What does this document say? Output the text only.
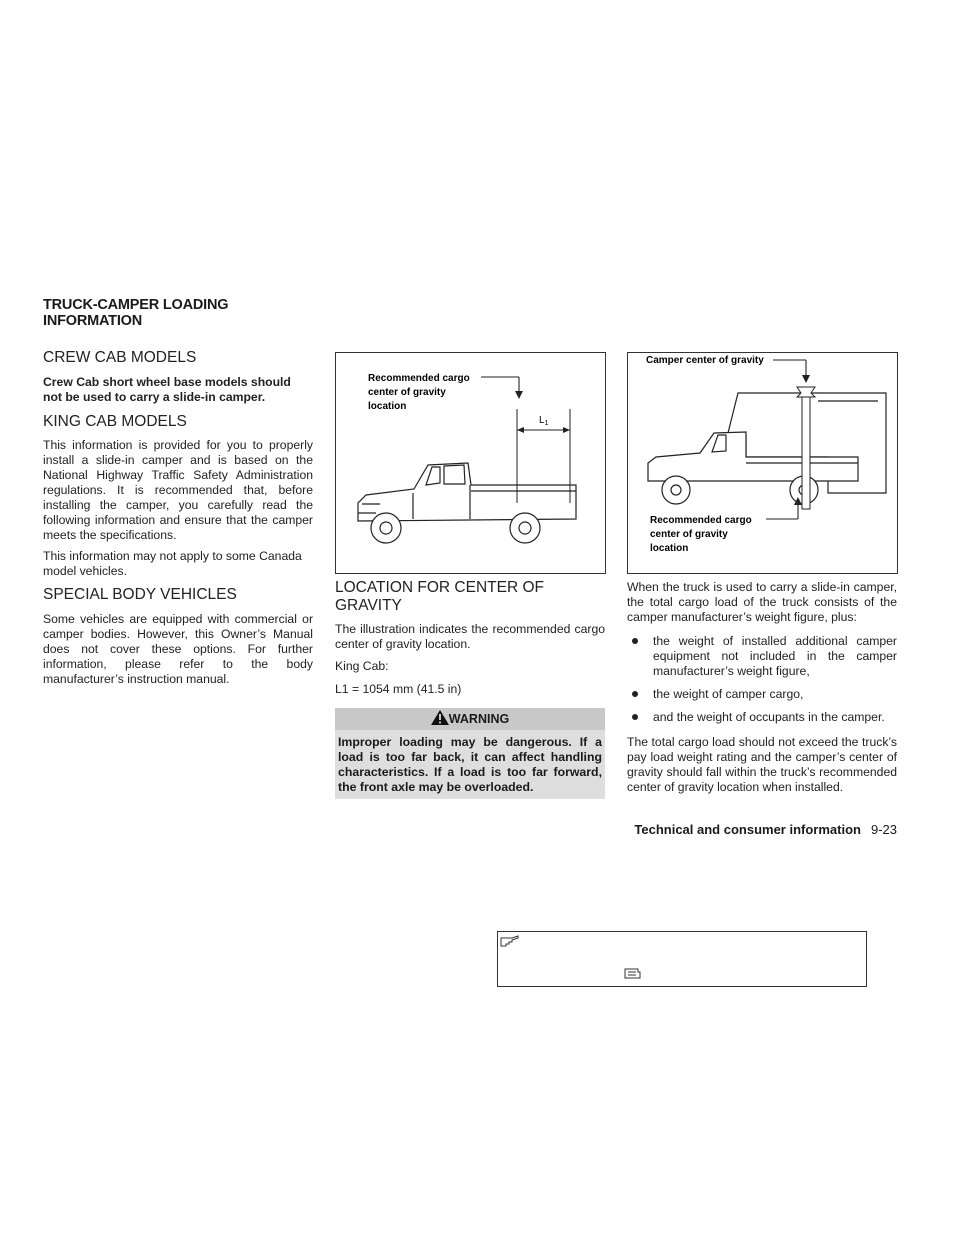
TRUCK-CAMPER LOADING INFORMATION
CREW CAB MODELS
Crew Cab short wheel base models should not be used to carry a slide-in camper.
KING CAB MODELS
This information is provided for you to properly install a slide-in camper and is based on the National Highway Traffic Safety Administration regulations. It is recommended that, before installing the camper, you carefully read the following information and ensure that the camper meets the specifications.
This information may not apply to some Canada model vehicles.
SPECIAL BODY VEHICLES
Some vehicles are equipped with commercial or camper bodies. However, this Owner’s Manual does not cover these options. For further information, please refer to the body manufacturer’s instruction manual.
Recommended cargo
center of gravity
location
$L_1$
Camper center of gravity
Recommended cargo
center of gravity
location
LOCATION FOR CENTER OF GRAVITY
The illustration indicates the recommended cargo center of gravity location.
King Cab:
L1 = 1054 mm (41.5 in)
WARNING
Improper loading may be dangerous. If a load is too far back, it can affect handling characteristics. If a load is too far forward, the front axle may be overloaded.
When the truck is used to carry a slide-in camper, the total cargo load of the truck consists of the camper manufacturer’s weight figure, plus:
the weight of installed additional camper equipment not included in the camper manufacturer’s weight figure,
the weight of camper cargo,
and the weight of occupants in the camper.
The total cargo load should not exceed the truck’s pay load weight rating and the camper’s center of gravity should fall within the truck’s recommended center of gravity location when installed.
Technical and consumer information 9-23
